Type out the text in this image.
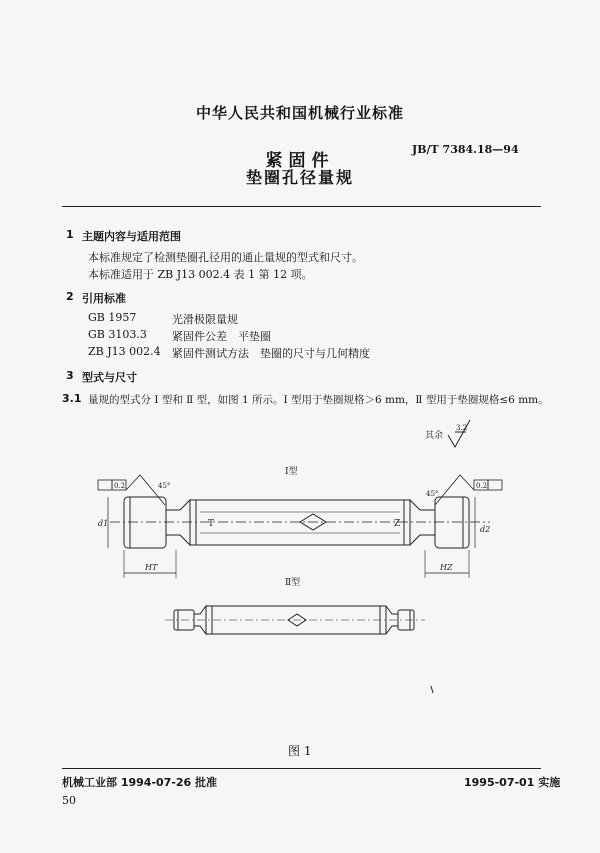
中华人民共和国机械行业标准
JB/T 7384.18—94
紧固件
垫圈孔径量规
1 主题内容与适用范围
本标准规定了检测垫圈孔径用的通止量规的型式和尺寸。
本标准适用于 ZB J13 002.4 表 1 第 12 项。
2 引用标准
GB 1957	光滑极限量规
GB 3103.3 紧固件公差　平垫圈
ZB J13 002.4 紧固件测试方法　垫圈的尺寸与几何精度
3 型式与尺寸
3.1 量规的型式分 Ⅰ 型和 Ⅱ 型，如图 1 所示。Ⅰ 型用于垫圈规格＞6 mm，Ⅱ 型用于垫圈规格≤6 mm。
其余
3.2
Ⅰ型
T	Z
0.2	0.2
45°
45°
d1
d2
HT	HZ
Ⅱ型
图 1
机械工业部 1994-07-26 批准	1995-07-01 实施
50
